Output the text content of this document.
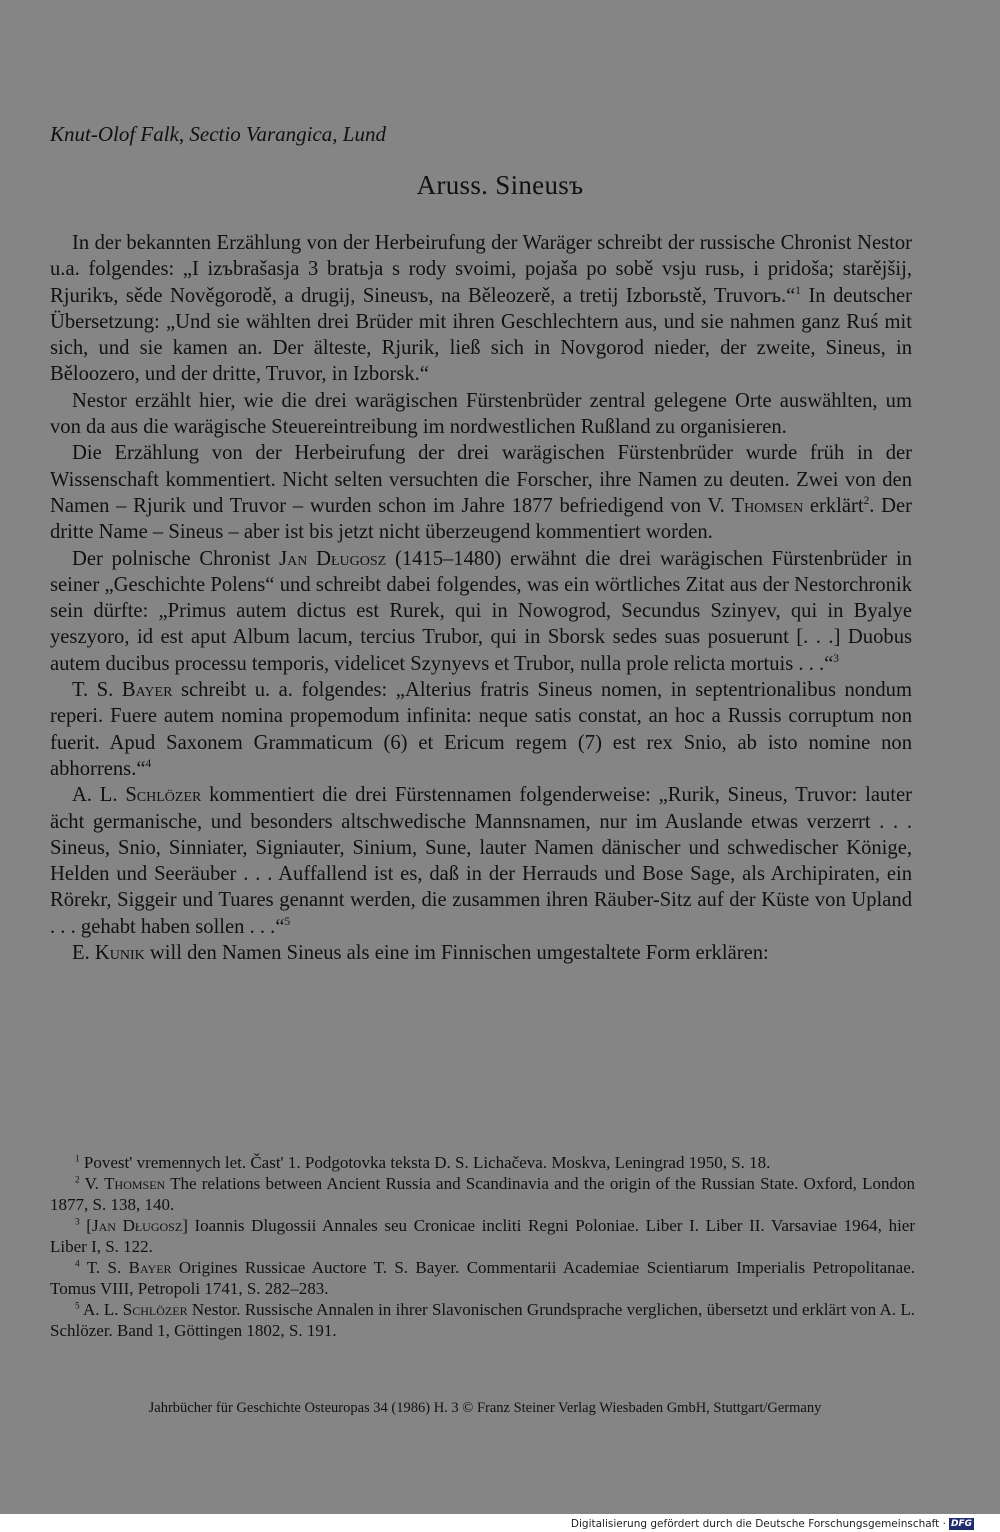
Knut-Olof Falk, Sectio Varangica, Lund
Aruss. Sineusъ

In der bekannten Erzählung von der Herbeirufung der Waräger schreibt der russische Chronist Nestor u.a. folgendes: „I izъbrašasja 3 bratьja s rody svoimi, pojaša po sobě vsju rusь, i pridoša; starějšij, Rjurikъ, sěde Nověgorodě, a drugij, Sineusъ, na Běleozerě, a tretij Izborьstě, Truvorъ.“$^1$ In deutscher Übersetzung: „Und sie wählten drei Brüder mit ihren Geschlechtern aus, und sie nahmen ganz Ruś mit sich, und sie kamen an. Der älteste, Rjurik, ließ sich in Novgorod nieder, der zweite, Sineus, in Běloozero, und der dritte, Truvor, in Izborsk.“

Nestor erzählt hier, wie die drei warägischen Fürstenbrüder zentral gelegene Orte auswählten, um von da aus die warägische Steuereintreibung im nordwestlichen Rußland zu organisieren.

Die Erzählung von der Herbeirufung der drei warägischen Fürstenbrüder wurde früh in der Wissenschaft kommentiert. Nicht selten versuchten die Forscher, ihre Namen zu deuten. Zwei von den Namen – Rjurik und Truvor – wurden schon im Jahre 1877 befriedigend von V. Thomsen erklärt$^2$. Der dritte Name – Sineus – aber ist bis jetzt nicht überzeugend kommentiert worden.

Der polnische Chronist Jan Długosz (1415–1480) erwähnt die drei warägischen Fürstenbrüder in seiner „Geschichte Polens“ und schreibt dabei folgendes, was ein wörtliches Zitat aus der Nestorchronik sein dürfte: „Primus autem dictus est Rurek, qui in Nowogrod, Secundus Szinyev, qui in Byalye yeszyoro, id est aput Album lacum, tercius Trubor, qui in Sborsk sedes suas posuerunt [. . .] Duobus autem ducibus processu temporis, videlicet Szynyevs et Trubor, nulla prole relicta mortuis . . .“$^3$

T. S. Bayer schreibt u. a. folgendes: „Alterius fratris Sineus nomen, in septentrionalibus nondum reperi. Fuere autem nomina propemodum infinita: neque satis constat, an hoc a Russis corruptum non fuerit. Apud Saxonem Grammaticum (6) et Ericum regem (7) est rex Snio, ab isto nomine non abhorrens.“$^4$

A. L. Schlözer kommentiert die drei Fürstennamen folgenderweise: „Rurik, Sineus, Truvor: lauter ächt germanische, und besonders altschwedische Mannsnamen, nur im Auslande etwas verzerrt . . . Sineus, Snio, Sinniater, Signiauter, Sinium, Sune, lauter Namen dänischer und schwedischer Könige, Helden und Seeräuber . . . Auffallend ist es, daß in der Herrauds und Bose Sage, als Archipiraten, ein Rörekr, Siggeir und Tuares genannt werden, die zusammen ihren Räuber-Sitz auf der Küste von Upland . . . gehabt haben sollen . . .“$^5$

E. Kunik will den Namen Sineus als eine im Finnischen umgestaltete Form erklären:

$^1$ Povest' vremennych let. Čast' 1. Podgotovka teksta D. S. Lichačeva. Moskva, Leningrad 1950, S. 18.

$^2$ V. Thomsen The relations between Ancient Russia and Scandinavia and the origin of the Russian State. Oxford, London 1877, S. 138, 140.

$^3$ [Jan Długosz] Ioannis Dlugossii Annales seu Cronicae incliti Regni Poloniae. Liber I. Liber II. Varsaviae 1964, hier Liber I, S. 122.

$^4$ T. S. Bayer Origines Russicae Auctore T. S. Bayer. Commentarii Academiae Scientiarum Imperialis Petropolitanae. Tomus VIII, Petropoli 1741, S. 282–283.

$^5$ A. L. Schlözer Nestor. Russische Annalen in ihrer Slavonischen Grundsprache verglichen, übersetzt und erklärt von A. L. Schlözer. Band 1, Göttingen 1802, S. 191.

Jahrbücher für Geschichte Osteuropas 34 (1986) H. 3 © Franz Steiner Verlag Wiesbaden GmbH, Stuttgart/Germany
Digitalisierung gefördert durch die Deutsche Forschungsgemeinschaft · DFG
